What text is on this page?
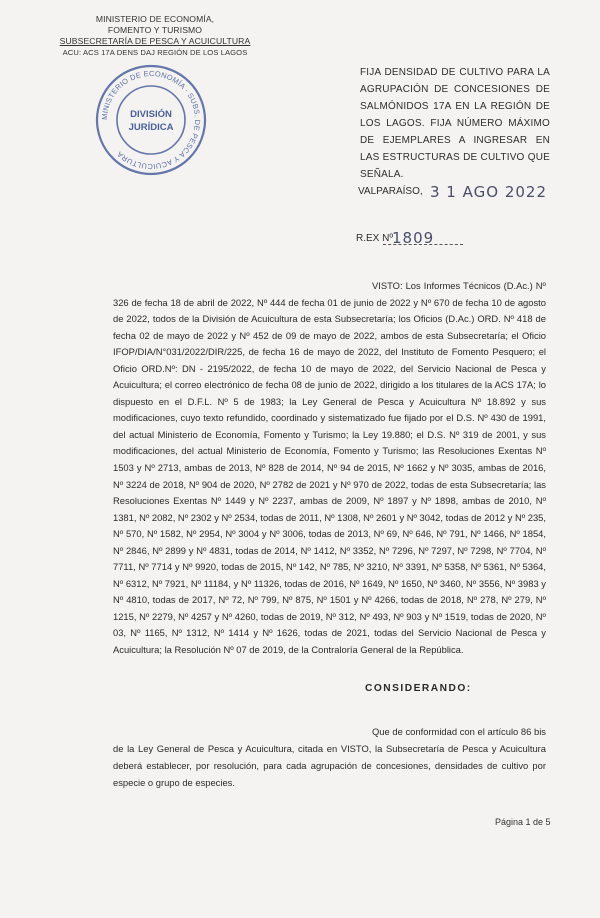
MINISTERIO DE ECONOMÍA,
FOMENTO Y TURISMO
SUBSECRETARÍA DE PESCA Y ACUICULTURA
ACU: ACS 17A DENS DAJ REGIÓN DE LOS LAGOS
MINISTERIO DE ECONOMÍA · SUBS. DE PESCA Y ACUICULTURA
DIVISIÓN
JURÍDICA
FIJA DENSIDAD DE CULTIVO PARA LA AGRUPACIÓN DE CONCESIONES DE SALMÓNIDOS 17A EN LA REGIÓN DE LOS LAGOS. FIJA NÚMERO MÁXIMO DE EJEMPLARES A INGRESAR EN LAS ESTRUCTURAS DE CULTIVO QUE SEÑALA.
VALPARAÍSO, 3 1 AGO 2022
R.EX Nº 1809
VISTO: Los Informes Técnicos (D.Ac.) Nº 326 de fecha 18 de abril de 2022, Nº 444 de fecha 01 de junio de 2022 y Nº 670 de fecha 10 de agosto de 2022, todos de la División de Acuicultura de esta Subsecretaría; los Oficios (D.Ac.) ORD. Nº 418 de fecha 02 de mayo de 2022 y Nº 452 de 09 de mayo de 2022, ambos de esta Subsecretaría; el Oficio IFOP/DIA/N°031/2022/DIR/225, de fecha 16 de mayo de 2022, del Instituto de Fomento Pesquero; el Oficio ORD.Nº: DN - 2195/2022, de fecha 10 de mayo de 2022, del Servicio Nacional de Pesca y Acuicultura; el correo electrónico de fecha 08 de junio de 2022, dirigido a los titulares de la ACS 17A; lo dispuesto en el D.F.L. Nº 5 de 1983; la Ley General de Pesca y Acuicultura Nº 18.892 y sus modificaciones, cuyo texto refundido, coordinado y sistematizado fue fijado por el D.S. Nº 430 de 1991, del actual Ministerio de Economía, Fomento y Turismo; la Ley 19.880; el D.S. Nº 319 de 2001, y sus modificaciones, del actual Ministerio de Economía, Fomento y Turismo; las Resoluciones Exentas Nº 1503 y Nº 2713, ambas de 2013, Nº 828 de 2014, Nº 94 de 2015, Nº 1662 y Nº 3035, ambas de 2016, Nº 3224 de 2018, Nº 904 de 2020, Nº 2782 de 2021 y Nº 970 de 2022, todas de esta Subsecretaría; las Resoluciones Exentas Nº 1449 y Nº 2237, ambas de 2009, Nº 1897 y Nº 1898, ambas de 2010, Nº 1381, Nº 2082, Nº 2302 y Nº 2534, todas de 2011, Nº 1308, Nº 2601 y Nº 3042, todas de 2012 y Nº 235, Nº 570, Nº 1582, Nº 2954, Nº 3004 y Nº 3006, todas de 2013, Nº 69, Nº 646, Nº 791, Nº 1466, Nº 1854, Nº 2846, Nº 2899 y Nº 4831, todas de 2014, Nº 1412, Nº 3352, Nº 7296, Nº 7297, Nº 7298, Nº 7704, Nº 7711, Nº 7714 y Nº 9920, todas de 2015, Nº 142, Nº 785, Nº 3210, Nº 3391, Nº 5358, Nº 5361, Nº 5364, Nº 6312, Nº 7921, Nº 11184, y Nº 11326, todas de 2016, Nº 1649, Nº 1650, Nº 3460, Nº 3556, Nº 3983 y Nº 4810, todas de 2017, Nº 72, Nº 799, Nº 875, Nº 1501 y Nº 4266, todas de 2018, Nº 278, Nº 279, Nº 1215, Nº 2279, Nº 4257 y Nº 4260, todas de 2019, Nº 312, Nº 493, Nº 903 y Nº 1519, todas de 2020, Nº 03, Nº 1165, Nº 1312, Nº 1414 y Nº 1626, todas de 2021, todas del Servicio Nacional de Pesca y Acuicultura; la Resolución Nº 07 de 2019, de la Contraloría General de la República.
CONSIDERANDO:
Que de conformidad con el artículo 86 bis de la Ley General de Pesca y Acuicultura, citada en VISTO, la Subsecretaría de Pesca y Acuicultura deberá establecer, por resolución, para cada agrupación de concesiones, densidades de cultivo por especie o grupo de especies.
Página 1 de 5
